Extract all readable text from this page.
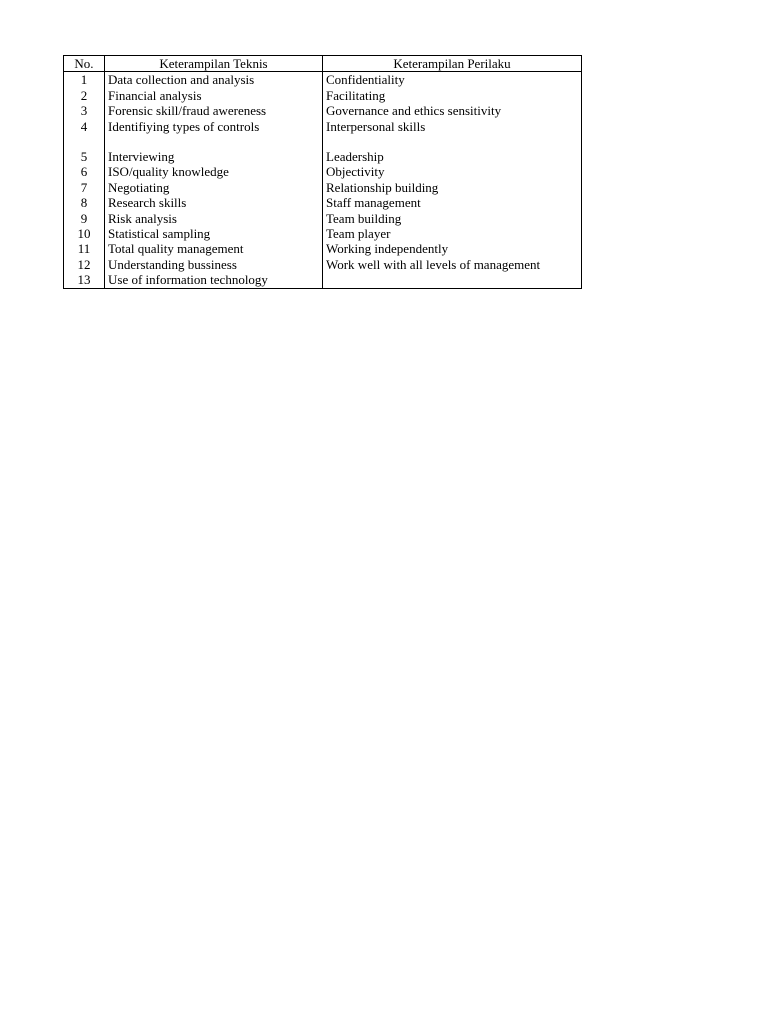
No.	Keterampilan Teknis	Keterampilan Perilaku
1	Data collection and analysis	Confidentiality
2	Financial analysis	Facilitating
3	Forensic skill/fraud awereness	Governance and ethics sensitivity
4	Identifiying types of controls	Interpersonal skills
5	Interviewing	Leadership
6	ISO/quality knowledge	Objectivity
7	Negotiating	Relationship building
8	Research skills	Staff management
9	Risk analysis	Team building
10	Statistical sampling	Team player
11	Total quality management	Working independently
12	Understanding bussiness	Work well with all levels of management
13	Use of information technology	
